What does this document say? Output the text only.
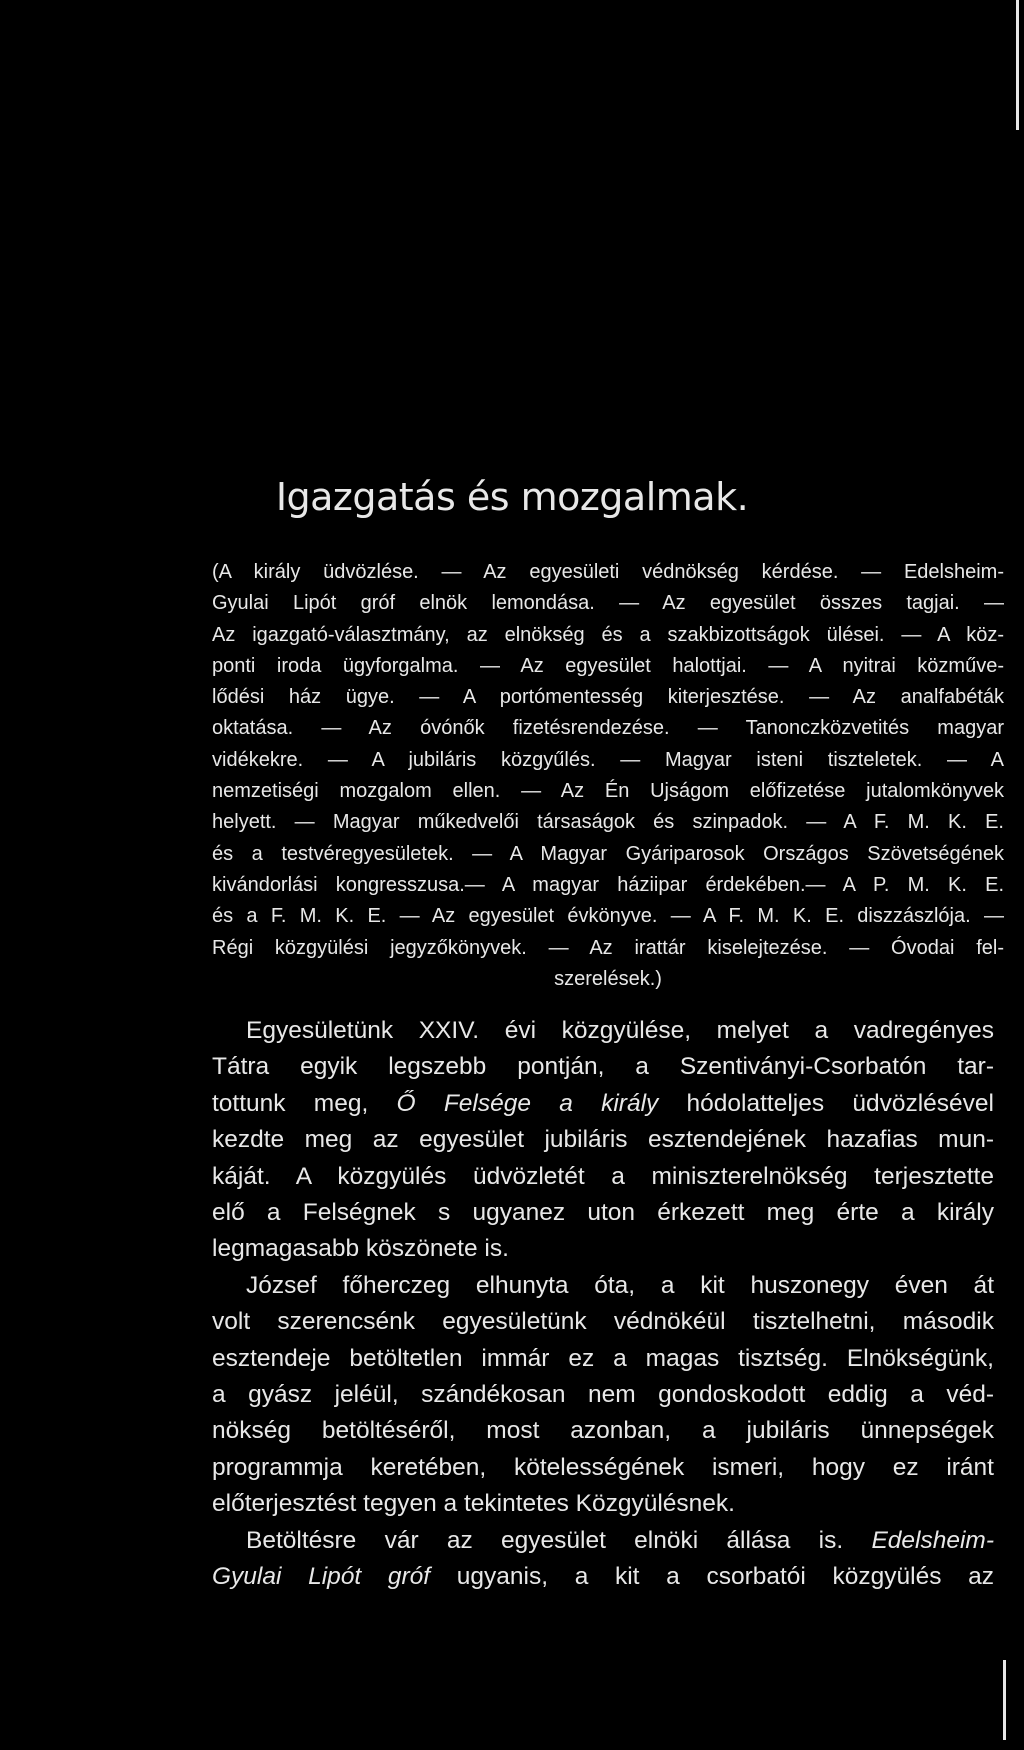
Igazgatás és mozgalmak.
(A király üdvözlése. — Az egyesületi védnökség kérdése. — Edelsheim-
Gyulai Lipót gróf elnök lemondása. — Az egyesület összes tagjai. —
Az igazgató-választmány, az elnökség és a szakbizottságok ülései. — A köz-
ponti iroda ügyforgalma. — Az egyesület halottjai. — A nyitrai közműve-
lődési ház ügye. — A portómentesség kiterjesztése. — Az analfabéták
oktatása. — Az óvónők fizetésrendezése. — Tanonczközvetités magyar
vidékekre. — A jubiláris közgyűlés. — Magyar isteni tiszteletek. — A
nemzetiségi mozgalom ellen. — Az Én Ujságom előfizetése jutalomkönyvek
helyett. — Magyar műkedvelői társaságok és szinpadok. — A F. M. K. E.
és a testvéregyesületek. — A Magyar Gyáriparosok Országos Szövetségének
kivándorlási kongresszusa.— A magyar háziipar érdekében.— A P. M. K. E.
és a F. M. K. E. — Az egyesület évkönyve. — A F. M. K. E. diszzászlója. —
Régi közgyülési jegyzőkönyvek. — Az irattár kiselejtezése. — Óvodai fel-
szerelések.)
Egyesületünk XXIV. évi közgyülése, melyet a vadregényes
Tátra egyik legszebb pontján, a Szentiványi-Csorbatón tar-
tottunk meg, Ő Felsége a király hódolatteljes üdvözlésével
kezdte meg az egyesület jubiláris esztendejének hazafias mun-
káját. A közgyülés üdvözletét a miniszterelnökség terjesztette
elő a Felségnek s ugyanez uton érkezett meg érte a király
legmagasabb köszönete is.
József főherczeg elhunyta óta, a kit huszonegy éven át
volt szerencsénk egyesületünk védnökéül tisztelhetni, második
esztendeje betöltetlen immár ez a magas tisztség. Elnökségünk,
a gyász jeléül, szándékosan nem gondoskodott eddig a véd-
nökség betöltéséről, most azonban, a jubiláris ünnepségek
programmja keretében, kötelességének ismeri, hogy ez iránt
előterjesztést tegyen a tekintetes Közgyülésnek.
Betöltésre vár az egyesület elnöki állása is. Edelsheim-
Gyulai Lipót gróf ugyanis, a kit a csorbatói közgyülés az
